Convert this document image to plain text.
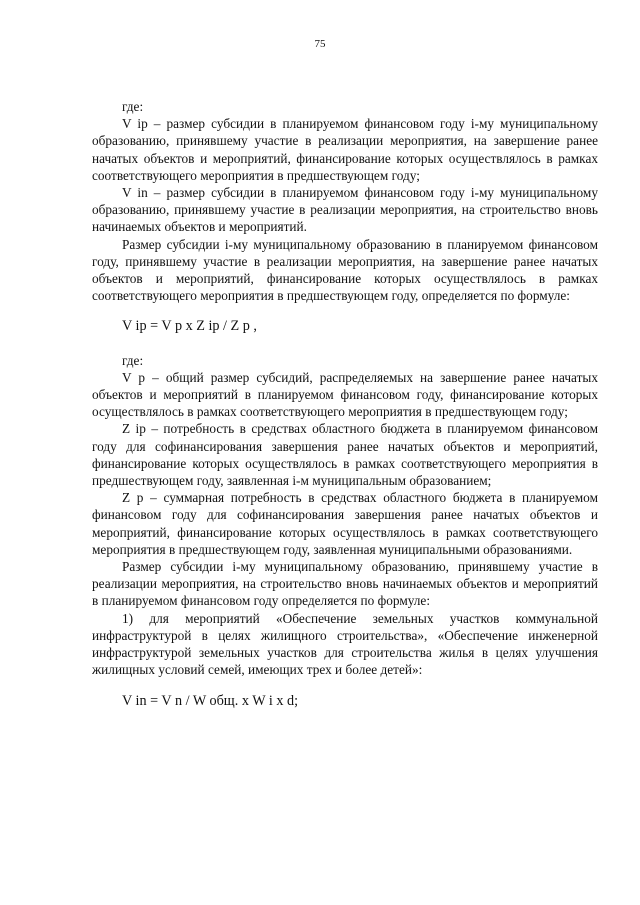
75

где:

V ip – размер субсидии в планируемом финансовом году i-му муниципальному образованию, принявшему участие в реализации мероприятия, на завершение ранее начатых объектов и мероприятий, финансирование которых осуществлялось в рамках соответствующего мероприятия в предшествующем году;

V in – размер субсидии в планируемом финансовом году i-му муниципальному образованию, принявшему участие в реализации мероприятия, на строительство вновь начинаемых объектов и мероприятий.

Размер субсидии i-му муниципальному образованию в планируемом финансовом году, принявшему участие в реализации мероприятия, на завершение ранее начатых объектов и мероприятий, финансирование которых осуществлялось в рамках соответствующего мероприятия в предшествующем году, определяется по формуле:

V ip = V p x Z ip / Z p ,

где:

V p – общий размер субсидий, распределяемых на завершение ранее начатых объектов и мероприятий в планируемом финансовом году, финансирование которых осуществлялось в рамках соответствующего мероприятия в предшествующем году;

Z ip – потребность в средствах областного бюджета в планируемом финансовом году для софинансирования завершения ранее начатых объектов и мероприятий, финансирование которых осуществлялось в рамках соответствующего мероприятия в предшествующем году, заявленная i-м муниципальным образованием;

Z p – суммарная потребность в средствах областного бюджета в планируемом финансовом году для софинансирования завершения ранее начатых объектов и мероприятий, финансирование которых осуществлялось в рамках соответствующего мероприятия в предшествующем году, заявленная муниципальными образованиями.

Размер субсидии i-му муниципальному образованию, принявшему участие в реализации мероприятия, на строительство вновь начинаемых объектов и мероприятий в планируемом финансовом году определяется по формуле:

1) для мероприятий «Обеспечение земельных участков коммунальной инфраструктурой в целях жилищного строительства», «Обеспечение инженерной инфраструктурой земельных участков для строительства жилья в целях улучшения жилищных условий семей, имеющих трех и более детей»:

V in = V n / W общ. x W i x d;
